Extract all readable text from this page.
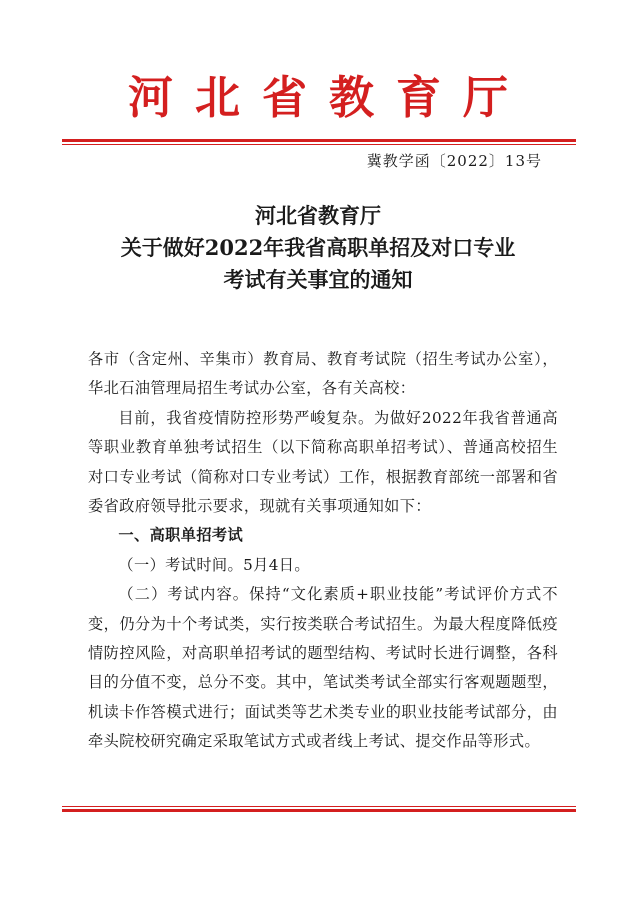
河北省教育厅
冀教学函〔2022〕13号
河北省教育厅
关于做好2022年我省高职单招及对口专业
考试有关事宜的通知

各市（含定州、辛集市）教育局、教育考试院（招生考试办公室），华北石油管理局招生考试办公室，各有关高校：

目前，我省疫情防控形势严峻复杂。为做好2022年我省普通高等职业教育单独考试招生（以下简称高职单招考试）、普通高校招生对口专业考试（简称对口专业考试）工作，根据教育部统一部署和省委省政府领导批示要求，现就有关事项通知如下：

一、高职单招考试

（一）考试时间。5月4日。

（二）考试内容。保持“文化素质+职业技能”考试评价方式不变，仍分为十个考试类，实行按类联合考试招生。为最大程度降低疫情防控风险，对高职单招考试的题型结构、考试时长进行调整，各科目的分值不变，总分不变。其中，笔试类考试全部实行客观题题型，机读卡作答模式进行；面试类等艺术类专业的职业技能考试部分，由牵头院校研究确定采取笔试方式或者线上考试、提交作品等形式。
